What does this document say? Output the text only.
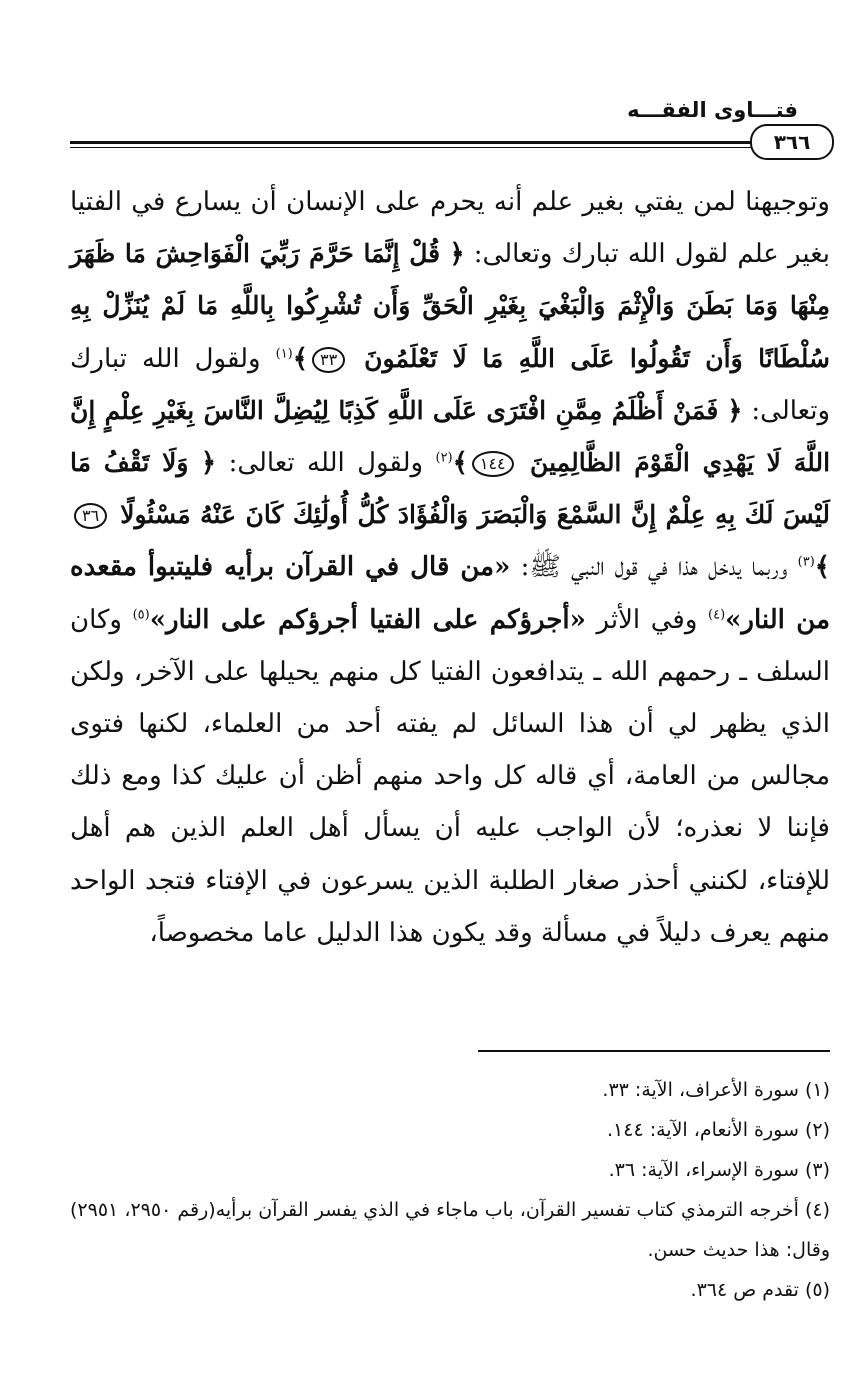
فتـــاوى الفقـــه
٣٦٦

وتوجيهنا لمن يفتي بغير علم أنه يحرم على الإنسان أن يسارع في الفتيا بغير علم لقول الله تبارك وتعالى: ﴿ قُلْ إِنَّمَا حَرَّمَ رَبِّيَ الْفَوَاحِشَ مَا ظَهَرَ مِنْهَا وَمَا بَطَنَ وَالْإِثْمَ وَالْبَغْيَ بِغَيْرِ الْحَقِّ وَأَن تُشْرِكُوا بِاللَّهِ مَا لَمْ يُنَزِّلْ بِهِ سُلْطَانًا وَأَن تَقُولُوا عَلَى اللَّهِ مَا لَا تَعْلَمُونَ ٣٣﴾$^{(١)}$ ولقول الله تبارك وتعالى: ﴿ فَمَنْ أَظْلَمُ مِمَّنِ افْتَرَى عَلَى اللَّهِ كَذِبًا لِيُضِلَّ النَّاسَ بِغَيْرِ عِلْمٍ إِنَّ اللَّهَ لَا يَهْدِي الْقَوْمَ الظَّالِمِينَ ١٤٤﴾$^{(٢)}$ ولقول الله تعالى: ﴿ وَلَا تَقْفُ مَا لَيْسَ لَكَ بِهِ عِلْمٌ إِنَّ السَّمْعَ وَالْبَصَرَ وَالْفُؤَادَ كُلُّ أُولَٰئِكَ كَانَ عَنْهُ مَسْئُولًا ٣٦﴾$^{(٣)}$ وربما يدخل هذا في قول النبي ﷺ: «من قال في القرآن برأيه فليتبوأ مقعده من النار»$^{(٤)}$ وفي الأثر «أجرؤكم على الفتيا أجرؤكم على النار»$^{(٥)}$ وكان السلف ـ رحمهم الله ـ يتدافعون الفتيا كل منهم يحيلها على الآخر، ولكن الذي يظهر لي أن هذا السائل لم يفته أحد من العلماء، لكنها فتوى مجالس من العامة، أي قاله كل واحد منهم أظن أن عليك كذا ومع ذلك فإننا لا نعذره؛ لأن الواجب عليه أن يسأل أهل العلم الذين هم أهل للإفتاء، لكنني أحذر صغار الطلبة الذين يسرعون في الإفتاء فتجد الواحد منهم يعرف دليلاً في مسألة وقد يكون هذا الدليل عاما مخصوصاً،

(١) سورة الأعراف، الآية: ٣٣.
(٢) سورة الأنعام، الآية: ١٤٤.
(٣) سورة الإسراء، الآية: ٣٦.
(٤) أخرجه الترمذي كتاب تفسير القرآن، باب ماجاء في الذي يفسر القرآن برأيه(رقم ٢٩٥٠، ٢٩٥١) وقال: هذا حديث حسن.
(٥) تقدم ص ٣٦٤.
